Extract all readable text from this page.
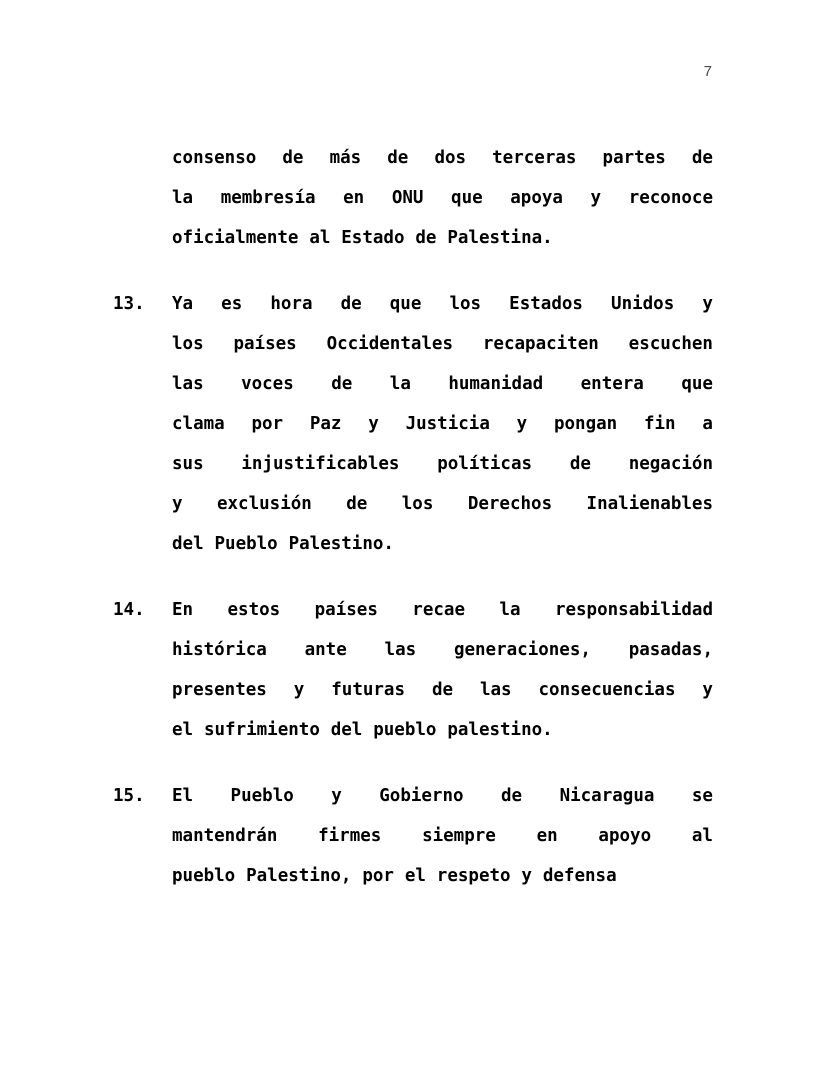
7
consenso de más de dos terceras partes de
la membresía en ONU que apoya y reconoce
oficialmente al Estado de Palestina.
13.	Ya es hora de que los Estados Unidos y
los países Occidentales recapaciten escuchen
las voces de la humanidad entera que
clama por Paz y Justicia y pongan fin a
sus injustificables políticas de negación
y exclusión de los Derechos Inalienables
del Pueblo Palestino.
14.	En estos países recae la responsabilidad
histórica ante las generaciones, pasadas,
presentes y futuras de las consecuencias y
el sufrimiento del pueblo palestino.
15.	El Pueblo y Gobierno de Nicaragua se
mantendrán firmes siempre en apoyo al
pueblo Palestino, por el respeto y defensa
